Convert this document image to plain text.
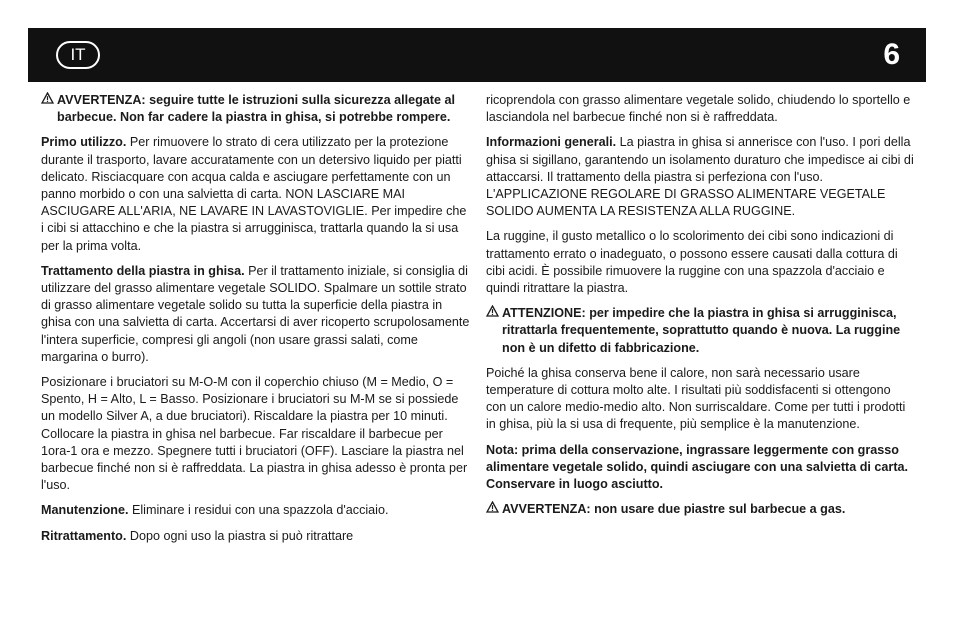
IT	6

AVVERTENZA: seguire tutte le istruzioni sulla sicurezza allegate al barbecue. Non far cadere la piastra in ghisa, si potrebbe rompere.

Primo utilizzo. Per rimuovere lo strato di cera utilizzato per la protezione durante il trasporto, lavare accuratamente con un detersivo liquido per piatti delicato. Risciacquare con acqua calda e asciugare perfettamente con un panno morbido o con una salvietta di carta. NON LASCIARE MAI ASCIUGARE ALL'ARIA, NE LAVARE IN LAVASTOVIGLIE. Per impedire che i cibi si attacchino e che la piastra si arrugginisca, trattarla quando la si usa per la prima volta.

Trattamento della piastra in ghisa. Per il trattamento iniziale, si consiglia di utilizzare del grasso alimentare vegetale SOLIDO. Spalmare un sottile strato di grasso alimentare vegetale solido su tutta la superficie della piastra in ghisa con una salvietta di carta. Accertarsi di aver ricoperto scrupolosamente l'intera superficie, compresi gli angoli (non usare grassi salati, come margarina o burro).

Posizionare i bruciatori su M-O-M con il coperchio chiuso (M = Medio, O = Spento, H = Alto, L = Basso. Posizionare i bruciatori su M-M se si possiede un modello Silver A, a due bruciatori). Riscaldare la piastra per 10 minuti. Collocare la piastra in ghisa nel barbecue. Far riscaldare il barbecue per 1ora-1 ora e mezzo. Spegnere tutti i bruciatori (OFF). Lasciare la piastra nel barbecue finché non si è raffreddata. La piastra in ghisa adesso è pronta per l'uso.

Manutenzione. Eliminare i residui con una spazzola d'acciaio.

Ritrattamento. Dopo ogni uso la piastra si può ritrattare

ricoprendola con grasso alimentare vegetale solido, chiudendo lo sportello e lasciandola nel barbecue finché non si è raffreddata.

Informazioni generali. La piastra in ghisa si annerisce con l'uso. I pori della ghisa si sigillano, garantendo un isolamento duraturo che impedisce ai cibi di attaccarsi. Il trattamento della piastra si perfeziona con l'uso. L'APPLICAZIONE REGOLARE DI GRASSO ALIMENTARE VEGETALE SOLIDO AUMENTA LA RESISTENZA ALLA RUGGINE.

La ruggine, il gusto metallico o lo scolorimento dei cibi sono indicazioni di trattamento errato o inadeguato, o possono essere causati dalla cottura di cibi acidi. È possibile rimuovere la ruggine con una spazzola d'acciaio e quindi ritrattare la piastra.

ATTENZIONE: per impedire che la piastra in ghisa si arrugginisca, ritrattarla frequentemente, soprattutto quando è nuova. La ruggine non è un difetto di fabbricazione.

Poiché la ghisa conserva bene il calore, non sarà necessario usare temperature di cottura molto alte. I risultati più soddisfacenti si ottengono con un calore medio-medio alto. Non surriscaldare. Come per tutti i prodotti in ghisa, più la si usa di frequente, più semplice è la manutenzione.

Nota: prima della conservazione, ingrassare leggermente con grasso alimentare vegetale solido, quindi asciugare con una salvietta di carta. Conservare in luogo asciutto.

AVVERTENZA: non usare due piastre sul barbecue a gas.
